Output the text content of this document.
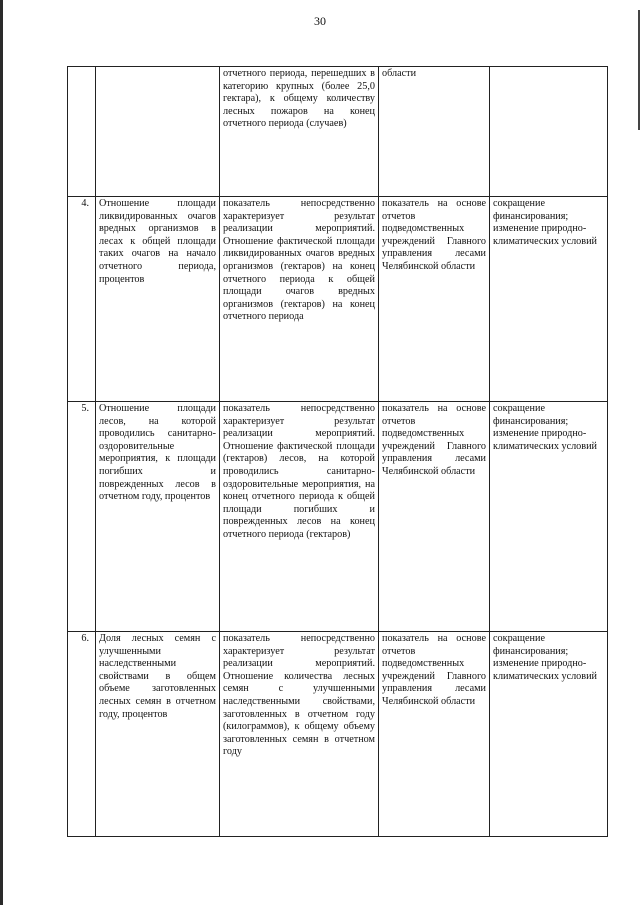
30
		отчетного периода, перешедших в категорию крупных (более 25,0 гектара), к общему количеству лесных пожаров на конец отчетного периода (случаев)	области	
4.	Отношение площади ликвидированных очагов вредных организмов в лесах к общей площади таких очагов на начало отчетного периода, процентов	показатель непосредственно характеризует результат реализации мероприятий. Отношение фактической площади ликвидированных очагов вредных организмов (гектаров) на конец отчетного периода к общей площади очагов вредных организмов (гектаров) на конец отчетного периода	показатель на основе отчетов подведомственных учреждений Главного управления лесами Челябинской области	сокращение финансирования; изменение природно-климатических условий
5.	Отношение площади лесов, на которой проводились санитарно-оздоровительные мероприятия, к площади погибших и поврежденных лесов в отчетном году, процентов	показатель непосредственно характеризует результат реализации мероприятий. Отношение фактической площади (гектаров) лесов, на которой проводились санитарно-оздоровительные мероприятия, на конец отчетного периода к общей площади погибших и поврежденных лесов на конец отчетного периода (гектаров)	показатель на основе отчетов подведомственных учреждений Главного управления лесами Челябинской области	сокращение финансирования; изменение природно-климатических условий
6.	Доля лесных семян с улучшенными наследственными свойствами в общем объеме заготовленных лесных семян в отчетном году, процентов	показатель непосредственно характеризует результат реализации мероприятий. Отношение количества лесных семян с улучшенными наследственными свойствами, заготовленных в отчетном году (килограммов), к общему объему заготовленных семян в отчетном году	показатель на основе отчетов подведомственных учреждений Главного управления лесами Челябинской области	сокращение финансирования; изменение природно-климатических условий
